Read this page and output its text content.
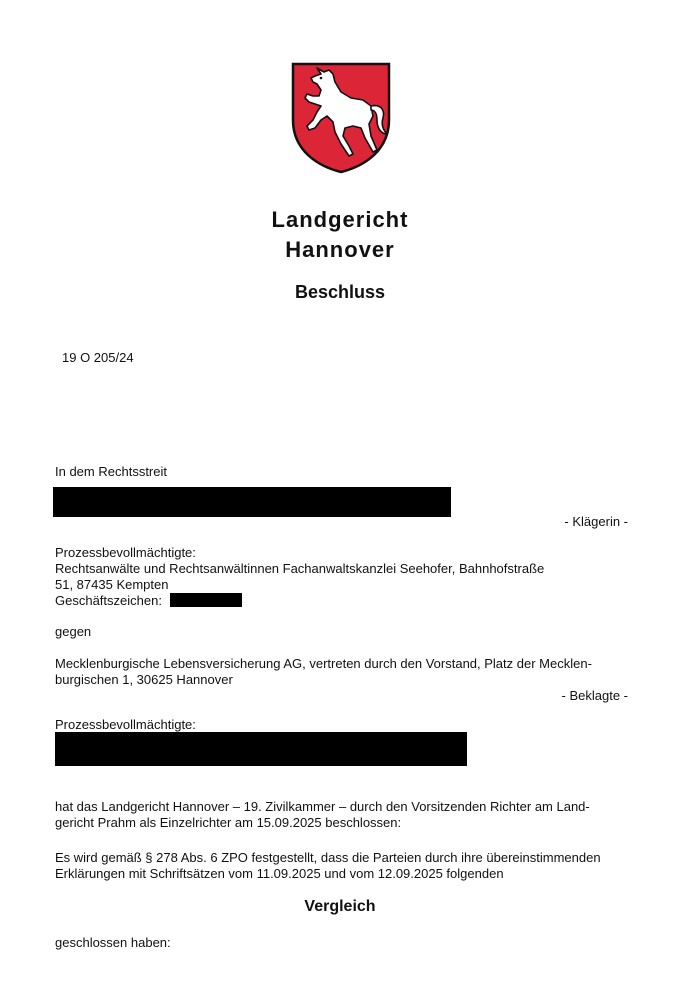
Landgericht
Hannover
Beschluss
19 O 205/24
In dem Rechtsstreit
- Klägerin -
Prozessbevollmächtigte:
Rechtsanwälte und Rechtsanwältinnen Fachanwaltskanzlei Seehofer, Bahnhofstraße
51, 87435 Kempten
Geschäftszeichen:
gegen
Mecklenburgische Lebensversicherung AG, vertreten durch den Vorstand, Platz der Mecklen-
burgischen 1, 30625 Hannover
- Beklagte -
Prozessbevollmächtigte:
hat das Landgericht Hannover – 19. Zivilkammer – durch den Vorsitzenden Richter am Land-
gericht Prahm als Einzelrichter am 15.09.2025 beschlossen:
Es wird gemäß § 278 Abs. 6 ZPO festgestellt, dass die Parteien durch ihre übereinstimmenden
Erklärungen mit Schriftsätzen vom 11.09.2025 und vom 12.09.2025 folgenden
Vergleich
geschlossen haben:
